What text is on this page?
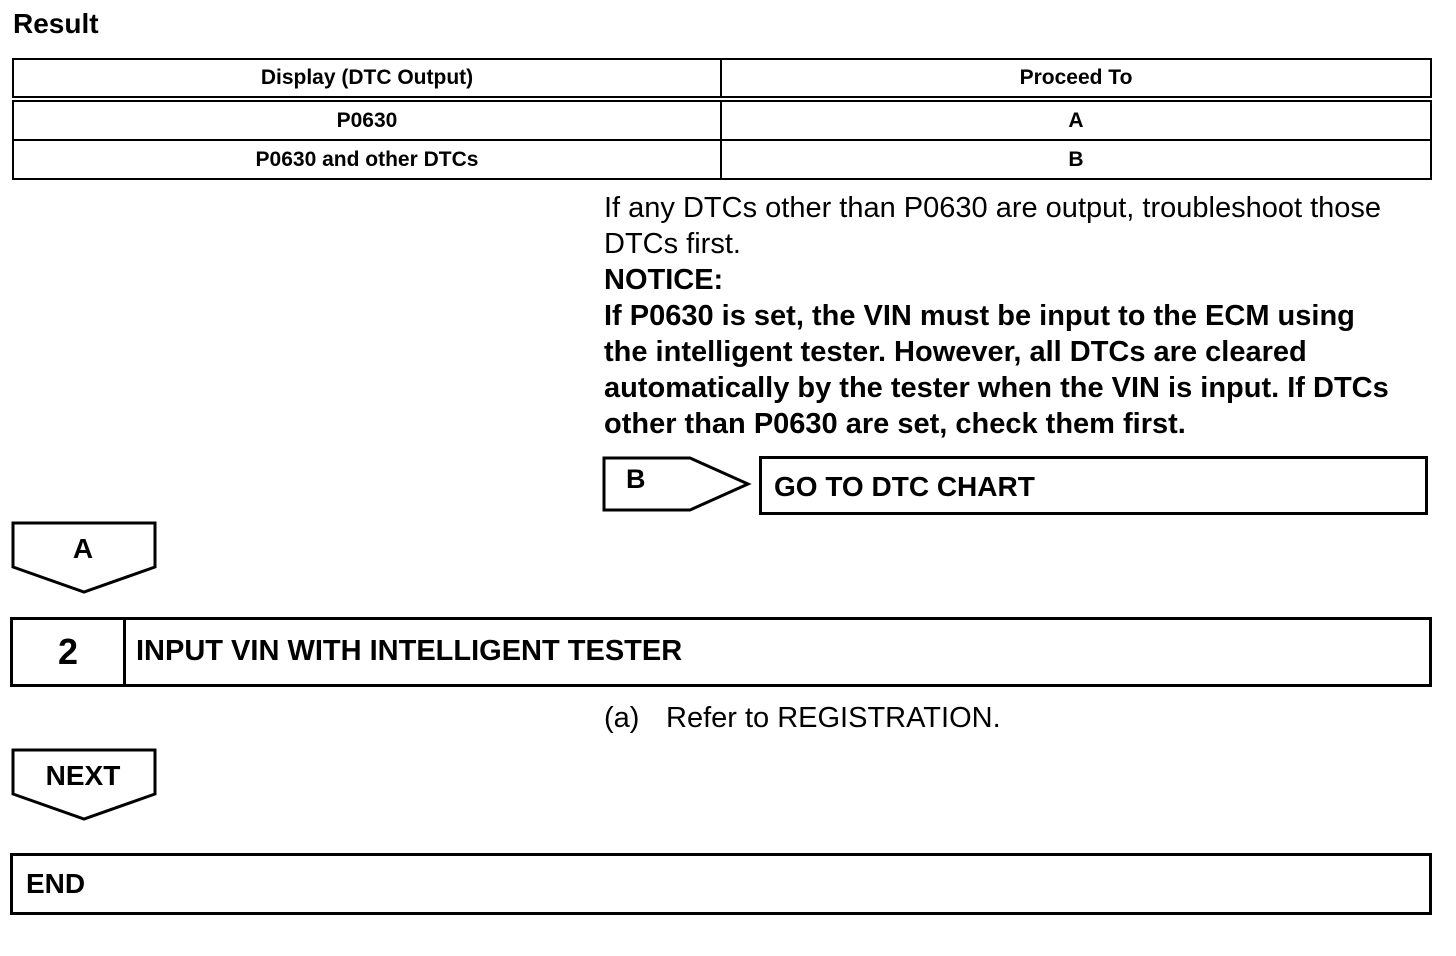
Result
Display (DTC Output)	Proceed To
P0630	A
P0630 and other DTCs	B

If any DTCs other than P0630 are output, troubleshoot those

DTCs first.

NOTICE:

If P0630 is set, the VIN must be input to the ECM using

the intelligent tester. However, all DTCs are cleared

automatically by the tester when the VIN is input. If DTCs

other than P0630 are set, check them first.

B	GO TO DTC CHART
A
2	INPUT VIN WITH INTELLIGENT TESTER
(a) Refer to REGISTRATION.
NEXT
END
